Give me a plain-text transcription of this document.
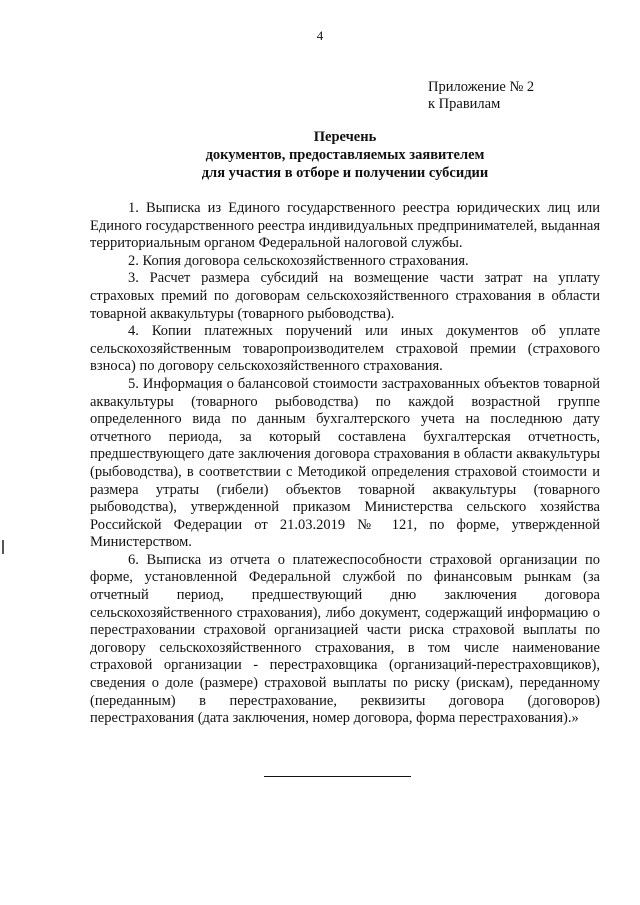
4
Приложение № 2
к Правилам
Перечень
документов, предоставляемых заявителем
для участия в отборе и получении субсидии

1. Выписка из Единого государственного реестра юридических лиц или Единого государственного реестра индивидуальных предпринимателей, выданная территориальным органом Федеральной налоговой службы.

2. Копия договора сельскохозяйственного страхования.

3. Расчет размера субсидий на возмещение части затрат на уплату страховых премий по договорам сельскохозяйственного страхования в области товарной аквакультуры (товарного рыбоводства).

4. Копии платежных поручений или иных документов об уплате сельскохозяйственным товаропроизводителем страховой премии (страхового взноса) по договору сельскохозяйственного страхования.

5. Информация о балансовой стоимости застрахованных объектов товарной аквакультуры (товарного рыбоводства) по каждой возрастной группе определенного вида по данным бухгалтерского учета на последнюю дату отчетного периода, за который составлена бухгалтерская отчетность, предшествующего дате заключения договора страхования в области аквакультуры (рыбоводства), в соответствии с Методикой определения страховой стоимости и размера утраты (гибели) объектов товарной аквакультуры (товарного рыбоводства), утвержденной приказом Министерства сельского хозяйства Российской Федерации от 21.03.2019 № 121, по форме, утвержденной Министерством.

6. Выписка из отчета о платежеспособности страховой организации по форме, установленной Федеральной службой по финансовым рынкам (за отчетный период, предшествующий дню заключения договора сельскохозяйственного страхования), либо документ, содержащий информацию о перестраховании страховой организацией части риска страховой выплаты по договору сельскохозяйственного страхования, в том числе наименование страховой организации - перестраховщика (организаций-перестраховщиков), сведения о доле (размере) страховой выплаты по риску (рискам), переданному (переданным) в перестрахование, реквизиты договора (договоров) перестрахования (дата заключения, номер договора, форма перестрахования).»
